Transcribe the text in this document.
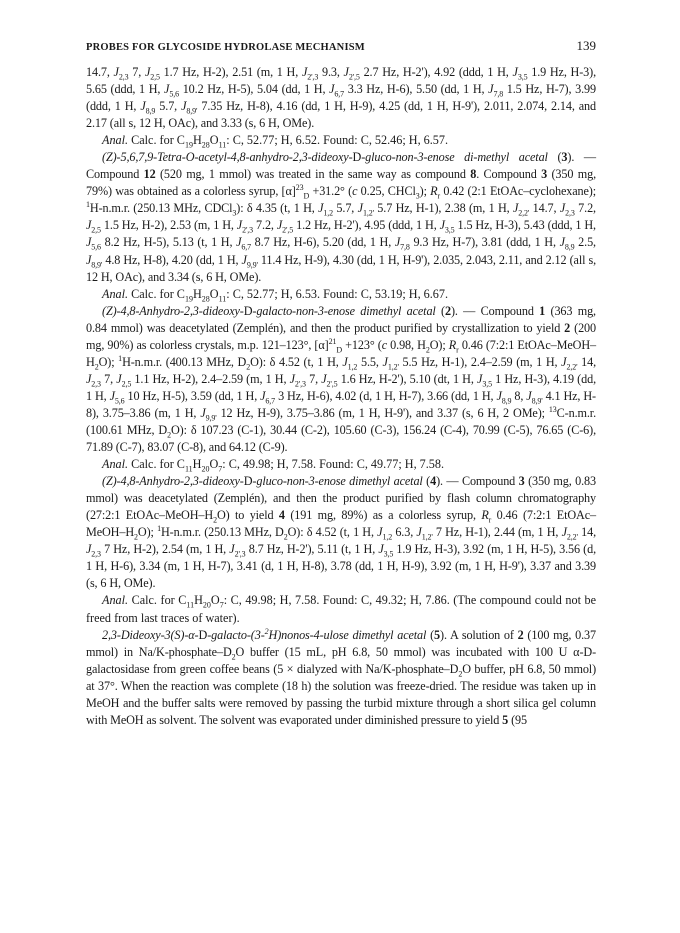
PROBES FOR GLYCOSIDE HYDROLASE MECHANISM	139

14.7, $J_{2,3}$ 7, $J_{2,5}$ 1.7 Hz, H-2), 2.51 (m, 1 H, $J_{2',3}$ 9.3, $J_{2',5}$ 2.7 Hz, H-2'), 4.92 (ddd, 1 H, $J_{3,5}$ 1.9 Hz, H-3), 5.65 (ddd, 1 H, $J_{5,6}$ 10.2 Hz, H-5), 5.04 (dd, 1 H, $J_{6,7}$ 3.3 Hz, H-6), 5.50 (dd, 1 H, $J_{7,8}$ 1.5 Hz, H-7), 3.99 (ddd, 1 H, $J_{8,9}$ 5.7, $J_{8,9'}$ 7.35 Hz, H-8), 4.16 (dd, 1 H, H-9), 4.25 (dd, 1 H, H-9'), 2.011, 2.074, 2.14, and 2.17 (all s, 12 H, OAc), and 3.33 (s, 6 H, OMe).

Anal. Calc. for $C_{19}H_{28}O_{11}$: C, 52.77; H, 6.52. Found: C, 52.46; H, 6.57.

(Z)-5,6,7,9-Tetra-O-acetyl-4,8-anhydro-2,3-dideoxy-D-gluco-non-3-enose di-methyl acetal (3). — Compound 12 (520 mg, 1 mmol) was treated in the same way as compound 8. Compound 3 (350 mg, 79%) was obtained as a colorless syrup, $[\alpha]^{23}_D +31.2^\circ$ (c 0.25, CHCl$_3$); $R_r$ 0.42 (2:1 EtOAc–cyclohexane); $^1$H-n.m.r. (250.13 MHz, CDCl$_3$): δ 4.35 (t, 1 H, $J_{1,2}$ 5.7, $J_{1,2'}$ 5.7 Hz, H-1), 2.38 (m, 1 H, $J_{2,2'}$ 14.7, $J_{2,3}$ 7.2, $J_{2,5}$ 1.5 Hz, H-2), 2.53 (m, 1 H, $J_{2',3}$ 7.2, $J_{2',5}$ 1.2 Hz, H-2'), 4.95 (ddd, 1 H, $J_{3,5}$ 1.5 Hz, H-3), 5.43 (ddd, 1 H, $J_{5,6}$ 8.2 Hz, H-5), 5.13 (t, 1 H, $J_{6,7}$ 8.7 Hz, H-6), 5.20 (dd, 1 H, $J_{7,8}$ 9.3 Hz, H-7), 3.81 (ddd, 1 H, $J_{8,9}$ 2.5, $J_{8,9'}$ 4.8 Hz, H-8), 4.20 (dd, 1 H, $J_{9,9'}$ 11.4 Hz, H-9), 4.30 (dd, 1 H, H-9'), 2.035, 2.043, 2.11, and 2.12 (all s, 12 H, OAc), and 3.34 (s, 6 H, OMe).

Anal. Calc. for $C_{19}H_{28}O_{11}$: C, 52.77; H, 6.53. Found: C, 53.19; H, 6.67.

(Z)-4,8-Anhydro-2,3-dideoxy-D-galacto-non-3-enose dimethyl acetal (2). — Compound 1 (363 mg, 0.84 mmol) was deacetylated (Zemplén), and then the product purified by crystallization to yield 2 (200 mg, 90%) as colorless crystals, m.p. 121–123°, $[\alpha]^{21}_D +123^\circ$ (c 0.98, $H_2O$); $R_r$ 0.46 (7:2:1 EtOAc–$MeOH-H_2O$); $^1$H-n.m.r. (400.13 MHz, $D_2O$): δ 4.52 (t, 1 H, $J_{1,2}$ 5.5, $J_{1,2'}$ 5.5 Hz, H-1), 2.4–2.59 (m, 1 H, $J_{2,2'}$ 14, $J_{2,3}$ 7, $J_{2,5}$ 1.1 Hz, H-2), 2.4–2.59 (m, 1 H, $J_{2',3}$ 7, $J_{2',5}$ 1.6 Hz, H-2'), 5.10 (dt, 1 H, $J_{3,5}$ 1 Hz, H-3), 4.19 (dd, 1 H, $J_{5,6}$ 10 Hz, H-5), 3.59 (dd, 1 H, $J_{6,7}$ 3 Hz, H-6), 4.02 (d, 1 H, H-7), 3.66 (dd, 1 H, $J_{8,9}$ 8, $J_{8,9'}$ 4.1 Hz, H-8), 3.75–3.86 (m, 1 H, $J_{9,9'}$ 12 Hz, H-9), 3.75–3.86 (m, 1 H, H-9'), and 3.37 (s, 6 H, 2 OMe); $^{13}$C-n.m.r. (100.61 MHz, $D_2O$): δ 107.23 (C-1), 30.44 (C-2), 105.60 (C-3), 156.24 (C-4), 70.99 (C-5), 76.65 (C-6), 71.89 (C-7), 83.07 (C-8), and 64.12 (C-9).

Anal. Calc. for $C_{11}H_{20}O_7$: C, 49.98; H, 7.58. Found: C, 49.77; H, 7.58.

(Z)-4,8-Anhydro-2,3-dideoxy-D-gluco-non-3-enose dimethyl acetal (4). — Compound 3 (350 mg, 0.83 mmol) was deacetylated (Zemplén), and then the product purified by flash column chromatography (27:2:1 EtOAc–$MeOH-H_2O$) to yield 4 (191 mg, 89%) as a colorless syrup, $R_r$ 0.46 (7:2:1 EtOAc–$MeOH-H_2O$); $^1$H-n.m.r. (250.13 MHz, $D_2O$): δ 4.52 (t, 1 H, $J_{1,2}$ 6.3, $J_{1,2'}$ 7 Hz, H-1), 2.44 (m, 1 H, $J_{2,2'}$ 14, $J_{2,3}$ 7 Hz, H-2), 2.54 (m, 1 H, $J_{2',3}$ 8.7 Hz, H-2'), 5.11 (t, 1 H, $J_{3,5}$ 1.9 Hz, H-3), 3.92 (m, 1 H, H-5), 3.56 (d, 1 H, H-6), 3.34 (m, 1 H, H-7), 3.41 (d, 1 H, H-8), 3.78 (dd, 1 H, H-9), 3.92 (m, 1 H, H-9'), 3.37 and 3.39 (s, 6 H, OMe).

Anal. Calc. for $C_{11}H_{20}O_7$: C, 49.98; H, 7.58. Found: C, 49.32; H, 7.86. (The compound could not be freed from last traces of water).

2,3-Dideoxy-3(S)-α-D-galacto-(3-$^2$H)nonos-4-ulose dimethyl acetal (5). A solution of 2 (100 mg, 0.37 mmol) in $Na/K-phosphate-D_2O$ buffer (15 mL, pH 6.8, 50 mmol) was incubated with 100 U α-D-galactosidase from green coffee beans (5 × dialyzed with $Na/K-phosphate-D_2O$ buffer, pH 6.8, 50 mmol) at 37°. When the reaction was complete (18 h) the solution was freeze-dried. The residue was taken up in MeOH and the buffer salts were removed by passing the turbid mixture through a short silica gel column with MeOH as solvent. The solvent was evaporated under diminished pressure to yield 5 (95
